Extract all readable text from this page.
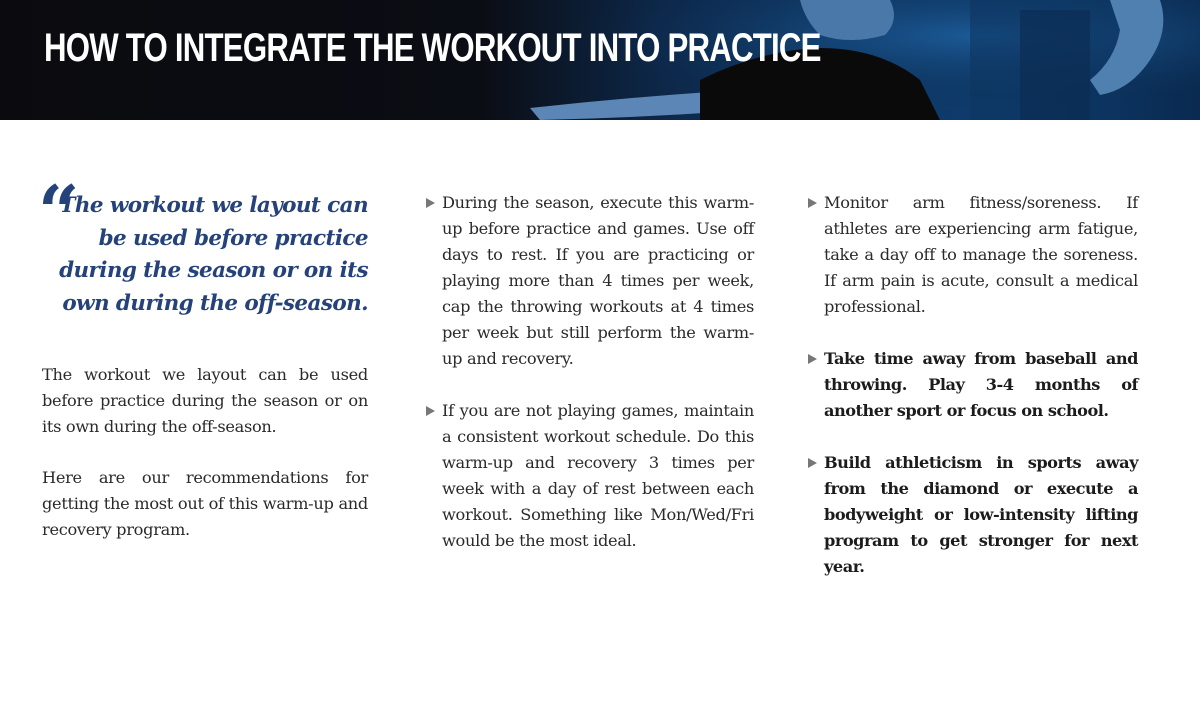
HOW TO INTEGRATE THE WORKOUT INTO PRACTICE
“

The workout we layout can be used before practice during the season or on its own during the off-season.

The workout we layout can be used before practice during the season or on its own during the off-season.

Here are our recommendations for getting the most out of this warm-up and recovery program.

During the season, execute this warm-up before practice and games. Use off days to rest. If you are practicing or playing more than 4 times per week, cap the throwing workouts at 4 times per week but still perform the warm-up and recovery.

If you are not playing games, maintain a consistent workout schedule. Do this warm-up and recovery 3 times per week with a day of rest between each workout. Something like Mon/Wed/Fri would be the most ideal.

Monitor arm fitness/soreness. If athletes are experiencing arm fatigue, take a day off to manage the soreness. If arm pain is acute, consult a medical professional.

Take time away from baseball and throwing. Play 3-4 months of another sport or focus on school.

Build athleticism in sports away from the diamond or execute a bodyweight or low-intensity lifting program to get stronger for next year.
